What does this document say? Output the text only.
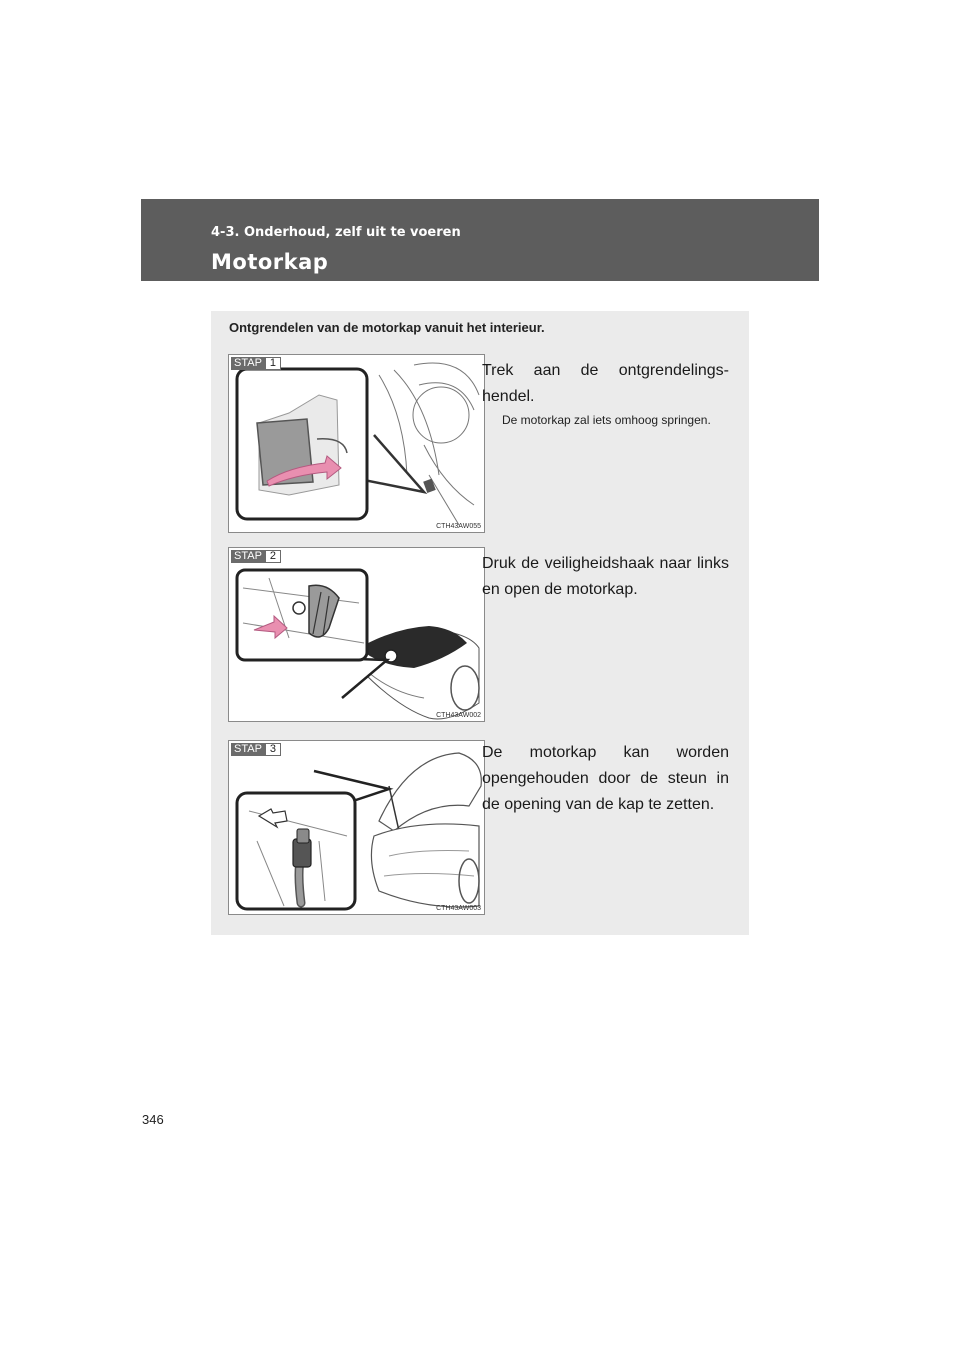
4-3. Onderhoud, zelf uit te voeren
Motorkap
Ontgrendelen van de motorkap vanuit het interieur.
STAP 1
CTH43AW055
Trek aan de ontgrendelings-hendel.
De motorkap zal iets omhoog springen.
STAP 2
CTH43AW002
Druk de veiligheidshaak naar links en open de motorkap.
STAP 3
CTH43AW003
De motorkap kan worden opengehouden door de steun in de opening van de kap te zetten.
346
